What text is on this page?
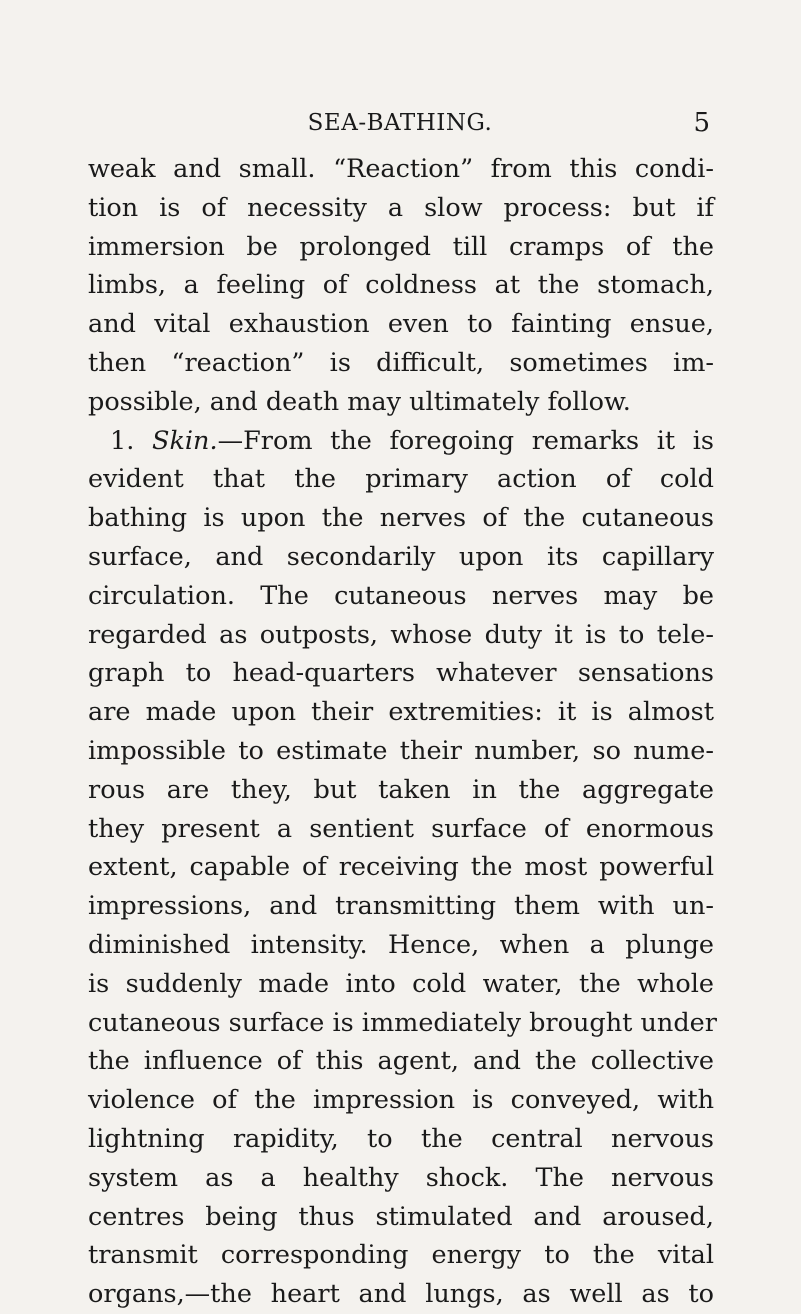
SEA-BATHING.	5
weak and small. “Reaction” from this condi-
tion is of necessity a slow process: but if
immersion be prolonged till cramps of the
limbs, a feeling of coldness at the stomach,
and vital exhaustion even to fainting ensue,
then “reaction” is difficult, sometimes im-
possible, and death may ultimately follow.
1. Skin.—From the foregoing remarks it is
evident that the primary action of cold
bathing is upon the nerves of the cutaneous
surface, and secondarily upon its capillary
circulation. The cutaneous nerves may be
regarded as outposts, whose duty it is to tele-
graph to head-quarters whatever sensations
are made upon their extremities: it is almost
impossible to estimate their number, so nume-
rous are they, but taken in the aggregate
they present a sentient surface of enormous
extent, capable of receiving the most powerful
impressions, and transmitting them with un-
diminished intensity. Hence, when a plunge
is suddenly made into cold water, the whole
cutaneous surface is immediately brought under
the influence of this agent, and the collective
violence of the impression is conveyed, with
lightning rapidity, to the central nervous
system as a healthy shock. The nervous
centres being thus stimulated and aroused,
transmit corresponding energy to the vital
organs,—the heart and lungs, as well as to
